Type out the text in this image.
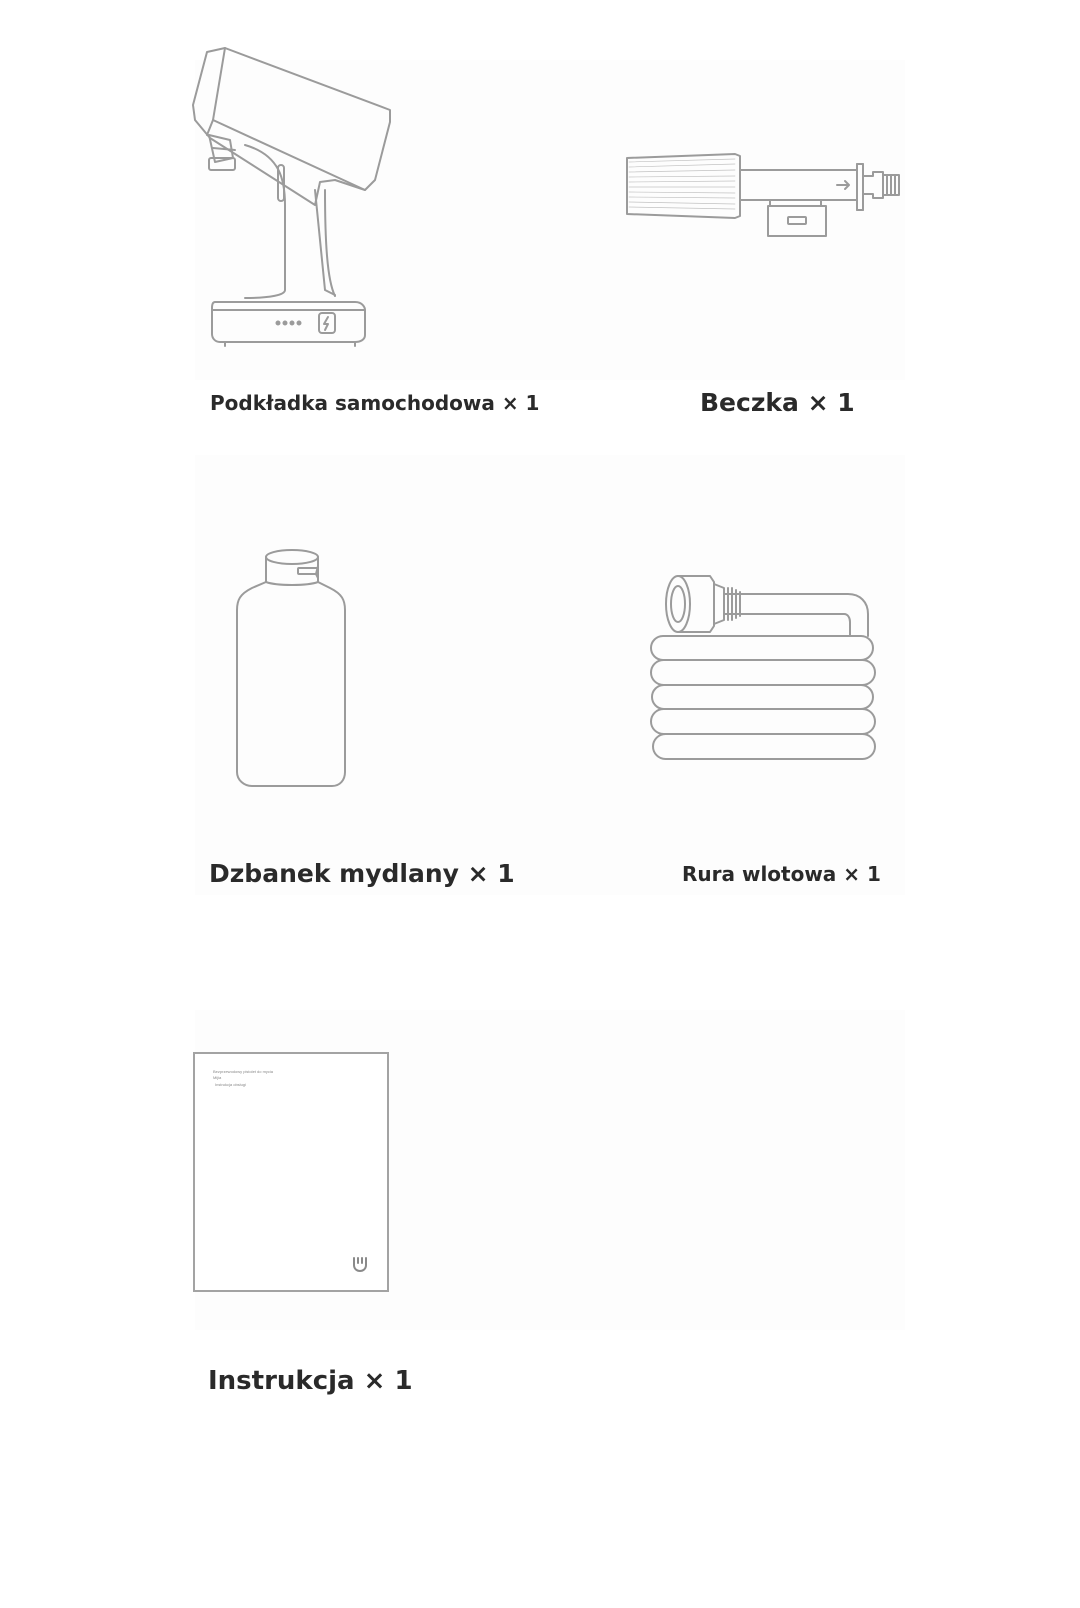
Podkładka samochodowa × 1	Beczka × 1
Dzbanek mydlany × 1	Rura wlotowa × 1
Bezprzewodowy pistolet do mycia
Mijia
Instrukcja obsługi
Instrukcja × 1
